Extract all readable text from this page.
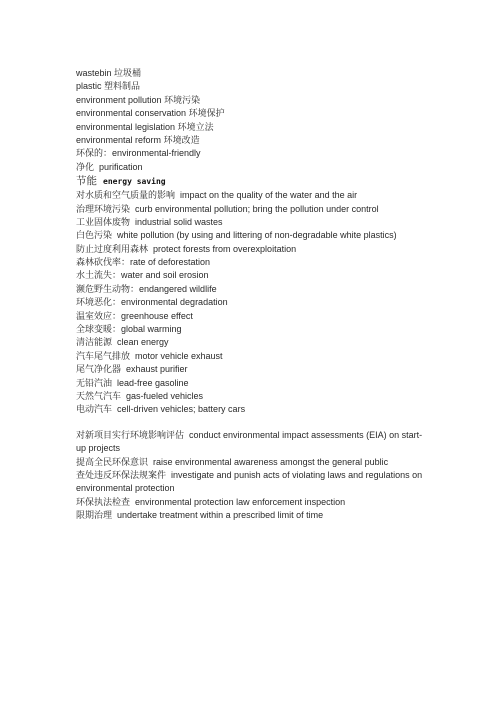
wastebin 垃圾桶
plastic 塑料制品
environment pollution 环境污染
environmental conservation 环境保护
environmental legislation 环境立法
environmental reform 环境改造
环保的：environmental-friendly
净化 purification
节能 energy saving
对水质和空气质量的影响 impact on the quality of the water and the air
治理环境污染 curb environmental pollution; bring the pollution under control
工业固体废物 industrial solid wastes
白色污染 white pollution (by using and littering of non-degradable white plastics)
防止过度利用森林 protect forests from overexploitation
森林砍伐率：rate of deforestation
水土流失：water and soil erosion
濒危野生动物：endangered wildlife
环境恶化：environmental degradation
温室效应：greenhouse effect
全球变暖：global warming
清洁能源 clean energy
汽车尾气排放 motor vehicle exhaust
尾气净化器 exhaust purifier
无铅汽油 lead-free gasoline
天然气汽车 gas-fueled vehicles
电动汽车 cell-driven vehicles; battery cars
对新项目实行环境影响评估 conduct environmental impact assessments (EIA) on start-up projects
提高全民环保意识 raise environmental awareness amongst the general public
查处违反环保法规案件 investigate and punish acts of violating laws and regulations on environmental protection
环保执法检查 environmental protection law enforcement inspection
限期治理 undertake treatment within a prescribed limit of time
